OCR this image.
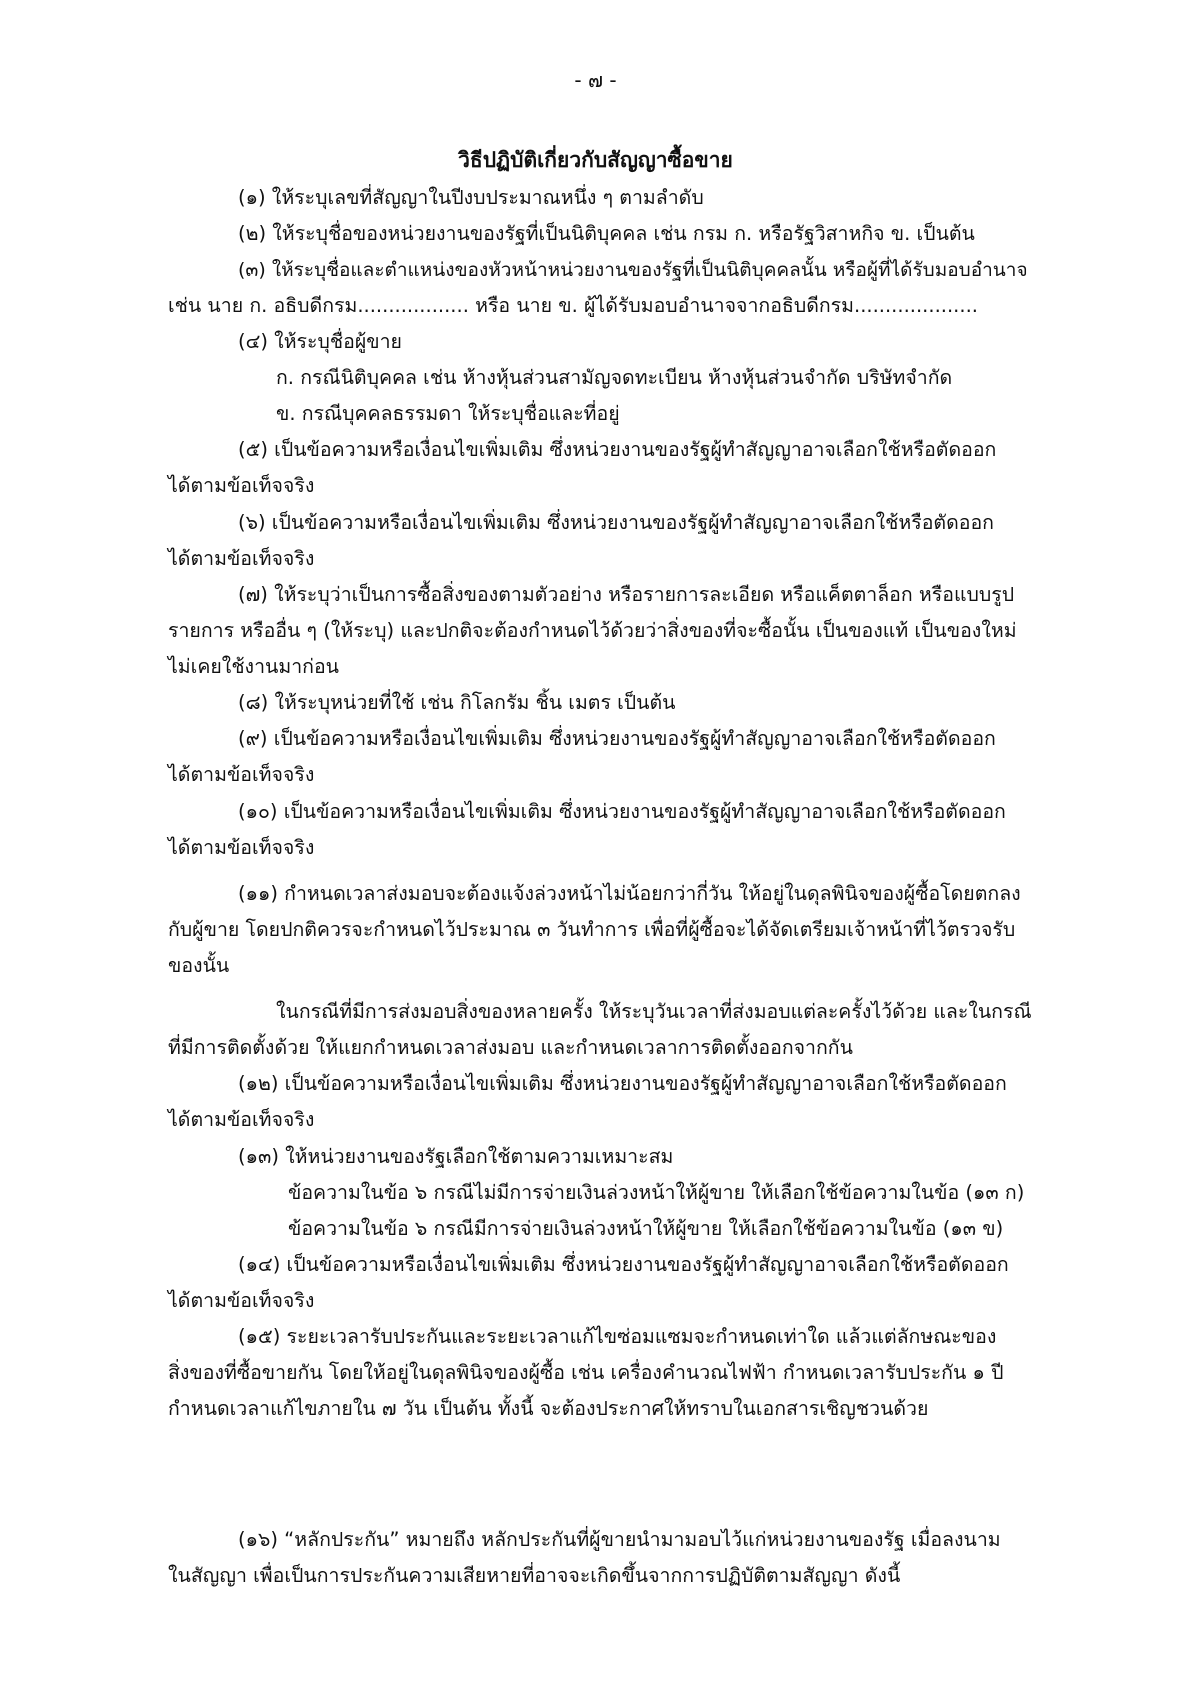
- ๗ -
วิธีปฏิบัติเกี่ยวกับสัญญาซื้อขาย
(๑) ให้ระบุเลขที่สัญญาในปีงบประมาณหนึ่ง ๆ ตามลำดับ
(๒) ให้ระบุชื่อของหน่วยงานของรัฐที่เป็นนิติบุคคล เช่น กรม ก. หรือรัฐวิสาหกิจ ข. เป็นต้น
(๓) ให้ระบุชื่อและตำแหน่งของหัวหน้าหน่วยงานของรัฐที่เป็นนิติบุคคลนั้น หรือผู้ที่ได้รับมอบอำนาจ
เช่น นาย ก. อธิบดีกรม.................. หรือ นาย ข. ผู้ได้รับมอบอำนาจจากอธิบดีกรม....................
(๔) ให้ระบุชื่อผู้ขาย
ก. กรณีนิติบุคคล เช่น ห้างหุ้นส่วนสามัญจดทะเบียน ห้างหุ้นส่วนจำกัด บริษัทจำกัด
ข. กรณีบุคคลธรรมดา ให้ระบุชื่อและที่อยู่
(๕) เป็นข้อความหรือเงื่อนไขเพิ่มเติม ซึ่งหน่วยงานของรัฐผู้ทำสัญญาอาจเลือกใช้หรือตัดออก
ได้ตามข้อเท็จจริง
(๖) เป็นข้อความหรือเงื่อนไขเพิ่มเติม ซึ่งหน่วยงานของรัฐผู้ทำสัญญาอาจเลือกใช้หรือตัดออก
ได้ตามข้อเท็จจริง
(๗) ให้ระบุว่าเป็นการซื้อสิ่งของตามตัวอย่าง หรือรายการละเอียด หรือแค็ตตาล็อก หรือแบบรูป
รายการ หรืออื่น ๆ (ให้ระบุ) และปกติจะต้องกำหนดไว้ด้วยว่าสิ่งของที่จะซื้อนั้น เป็นของแท้ เป็นของใหม่
ไม่เคยใช้งานมาก่อน
(๘) ให้ระบุหน่วยที่ใช้ เช่น กิโลกรัม ชิ้น เมตร เป็นต้น
(๙) เป็นข้อความหรือเงื่อนไขเพิ่มเติม ซึ่งหน่วยงานของรัฐผู้ทำสัญญาอาจเลือกใช้หรือตัดออก
ได้ตามข้อเท็จจริง
(๑๐) เป็นข้อความหรือเงื่อนไขเพิ่มเติม ซึ่งหน่วยงานของรัฐผู้ทำสัญญาอาจเลือกใช้หรือตัดออก
ได้ตามข้อเท็จจริง
(๑๑) กำหนดเวลาส่งมอบจะต้องแจ้งล่วงหน้าไม่น้อยกว่ากี่วัน ให้อยู่ในดุลพินิจของผู้ซื้อโดยตกลง
กับผู้ขาย โดยปกติควรจะกำหนดไว้ประมาณ ๓ วันทำการ เพื่อที่ผู้ซื้อจะได้จัดเตรียมเจ้าหน้าที่ไว้ตรวจรับ
ของนั้น
ในกรณีที่มีการส่งมอบสิ่งของหลายครั้ง ให้ระบุวันเวลาที่ส่งมอบแต่ละครั้งไว้ด้วย และในกรณี
ที่มีการติดตั้งด้วย ให้แยกกำหนดเวลาส่งมอบ และกำหนดเวลาการติดตั้งออกจากกัน
(๑๒) เป็นข้อความหรือเงื่อนไขเพิ่มเติม ซึ่งหน่วยงานของรัฐผู้ทำสัญญาอาจเลือกใช้หรือตัดออก
ได้ตามข้อเท็จจริง
(๑๓) ให้หน่วยงานของรัฐเลือกใช้ตามความเหมาะสม
ข้อความในข้อ ๖ กรณีไม่มีการจ่ายเงินล่วงหน้าให้ผู้ขาย ให้เลือกใช้ข้อความในข้อ (๑๓ ก)
ข้อความในข้อ ๖ กรณีมีการจ่ายเงินล่วงหน้าให้ผู้ขาย ให้เลือกใช้ข้อความในข้อ (๑๓ ข)
(๑๔) เป็นข้อความหรือเงื่อนไขเพิ่มเติม ซึ่งหน่วยงานของรัฐผู้ทำสัญญาอาจเลือกใช้หรือตัดออก
ได้ตามข้อเท็จจริง
(๑๕) ระยะเวลารับประกันและระยะเวลาแก้ไขซ่อมแซมจะกำหนดเท่าใด แล้วแต่ลักษณะของ
สิ่งของที่ซื้อขายกัน โดยให้อยู่ในดุลพินิจของผู้ซื้อ เช่น เครื่องคำนวณไฟฟ้า กำหนดเวลารับประกัน ๑ ปี
กำหนดเวลาแก้ไขภายใน ๗ วัน เป็นต้น ทั้งนี้ จะต้องประกาศให้ทราบในเอกสารเชิญชวนด้วย
(๑๖) “หลักประกัน” หมายถึง หลักประกันที่ผู้ขายนำมามอบไว้แก่หน่วยงานของรัฐ เมื่อลงนาม
ในสัญญา เพื่อเป็นการประกันความเสียหายที่อาจจะเกิดขึ้นจากการปฏิบัติตามสัญญา ดังนี้
